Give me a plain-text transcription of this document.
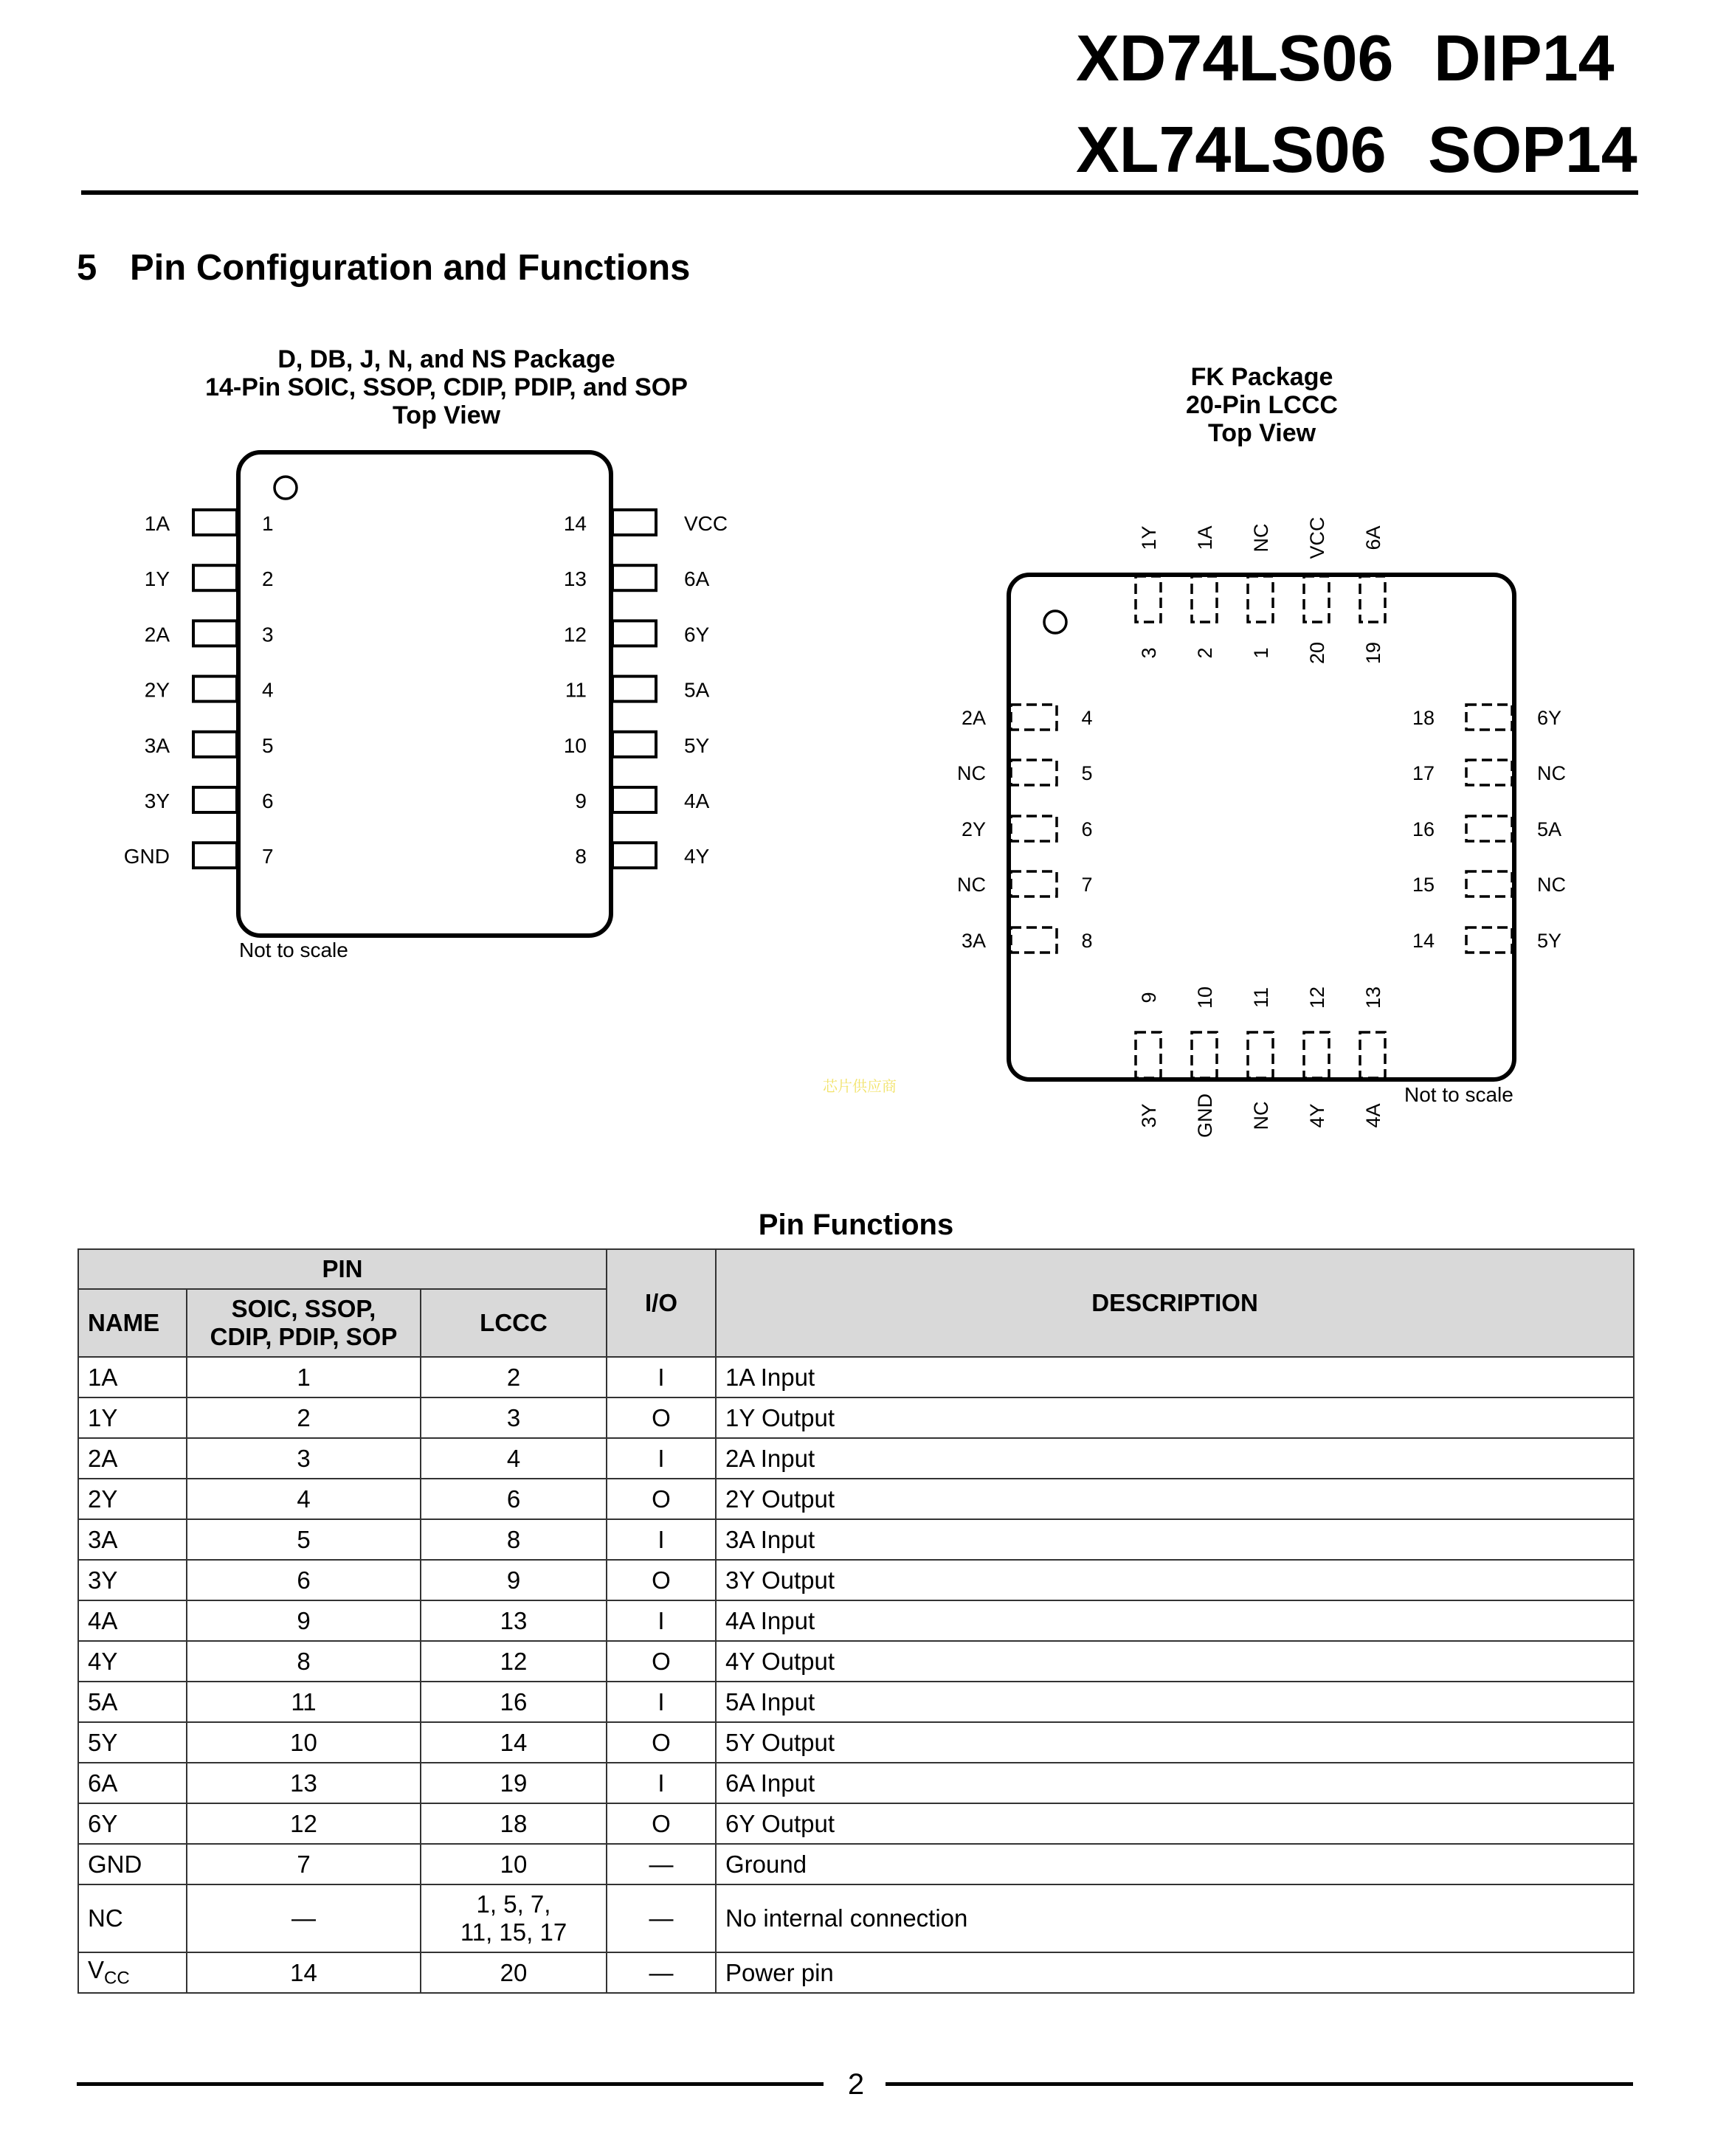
XD74LS06 DIP14
XL74LS06 SOP14
5 Pin Configuration and Functions
D, DB, J, N, and NS Package
14-Pin SOIC, SSOP, CDIP, PDIP, and SOP
Top View
1A	1
1Y	2
2A	3
2Y	4
3A	5
3Y	6
GND	7
VCC
14
6A
13
6Y
12
5A
11
5Y
10
4A
9
4Y
8
Not to scale
FK Package
20-Pin LCCC
Top View
1Y
3
1A
2
NC
1
VCC
20
6A
19
9
3Y
10
GND
11
NC
12
4Y
13
4A
2A	4
NC	5
2Y	6
NC	7
3A	8
6Y
18
NC
17
5A
16
NC
15
5Y
14
Not to scale
芯片供应商
Pin Functions
PIN			I/O	DESCRIPTION
NAME	SOIC, SSOP,
CDIP, PDIP, SOP	LCCC		
1A	1	2	I	1A Input
1Y	2	3	O	1Y Output
2A	3	4	I	2A Input
2Y	4	6	O	2Y Output
3A	5	8	I	3A Input
3Y	6	9	O	3Y Output
4A	9	13	I	4A Input
4Y	8	12	O	4Y Output
5A	11	16	I	5A Input
5Y	10	14	O	5Y Output
6A	13	19	I	6A Input
6Y	12	18	O	6Y Output
GND	7	10	—	Ground
NC	—	1, 5, 7,
11, 15, 17	—	No internal connection
$V_{CC}$	14	20	—	Power pin
2
